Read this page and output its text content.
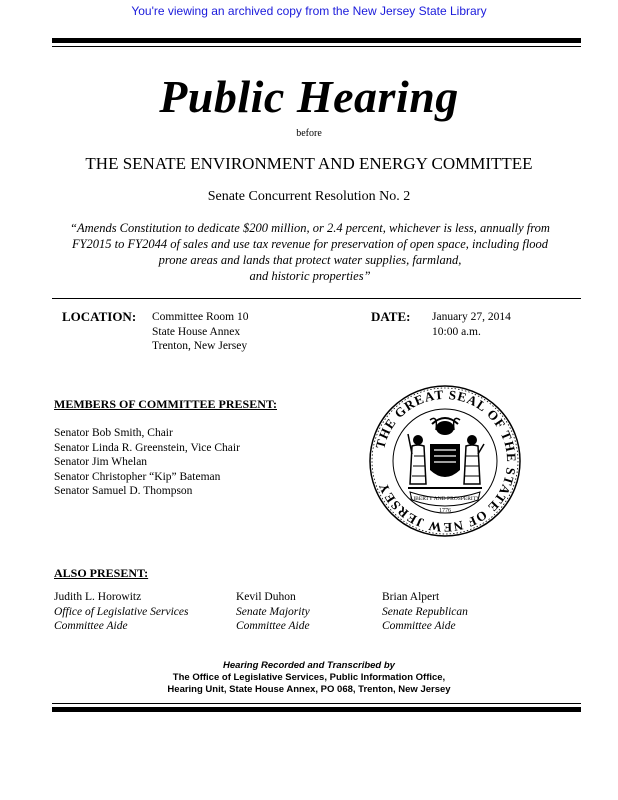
You're viewing an archived copy from the New Jersey State Library
Public Hearing
before
THE SENATE ENVIRONMENT AND ENERGY COMMITTEE
Senate Concurrent Resolution No. 2
“Amends Constitution to dedicate $200 million, or 2.4 percent, whichever is less, annually from
FY2015 to FY2044 of sales and use tax revenue for preservation of open space, including flood
prone areas and lands that protect water supplies, farmland,
and historic properties”
LOCATION: Committee Room 10
State House Annex
Trenton, New Jersey
DATE: January 27, 2014
10:00 a.m.
MEMBERS OF COMMITTEE PRESENT:
Senator Bob Smith, Chair
Senator Linda R. Greenstein, Vice Chair
Senator Jim Whelan
Senator Christopher “Kip” Bateman
Senator Samuel D. Thompson
THE GREAT SEAL OF THE STATE OF NEW JERSEY
LIBERTY AND PROSPERITY
1776
ALSO PRESENT:
Judith L. Horowitz
Office of Legislative Services
Committee Aide
Kevil Duhon
Senate Majority
Committee Aide
Brian Alpert
Senate Republican
Committee Aide
Hearing Recorded and Transcribed by
The Office of Legislative Services, Public Information Office,
Hearing Unit, State House Annex, PO 068, Trenton, New Jersey
